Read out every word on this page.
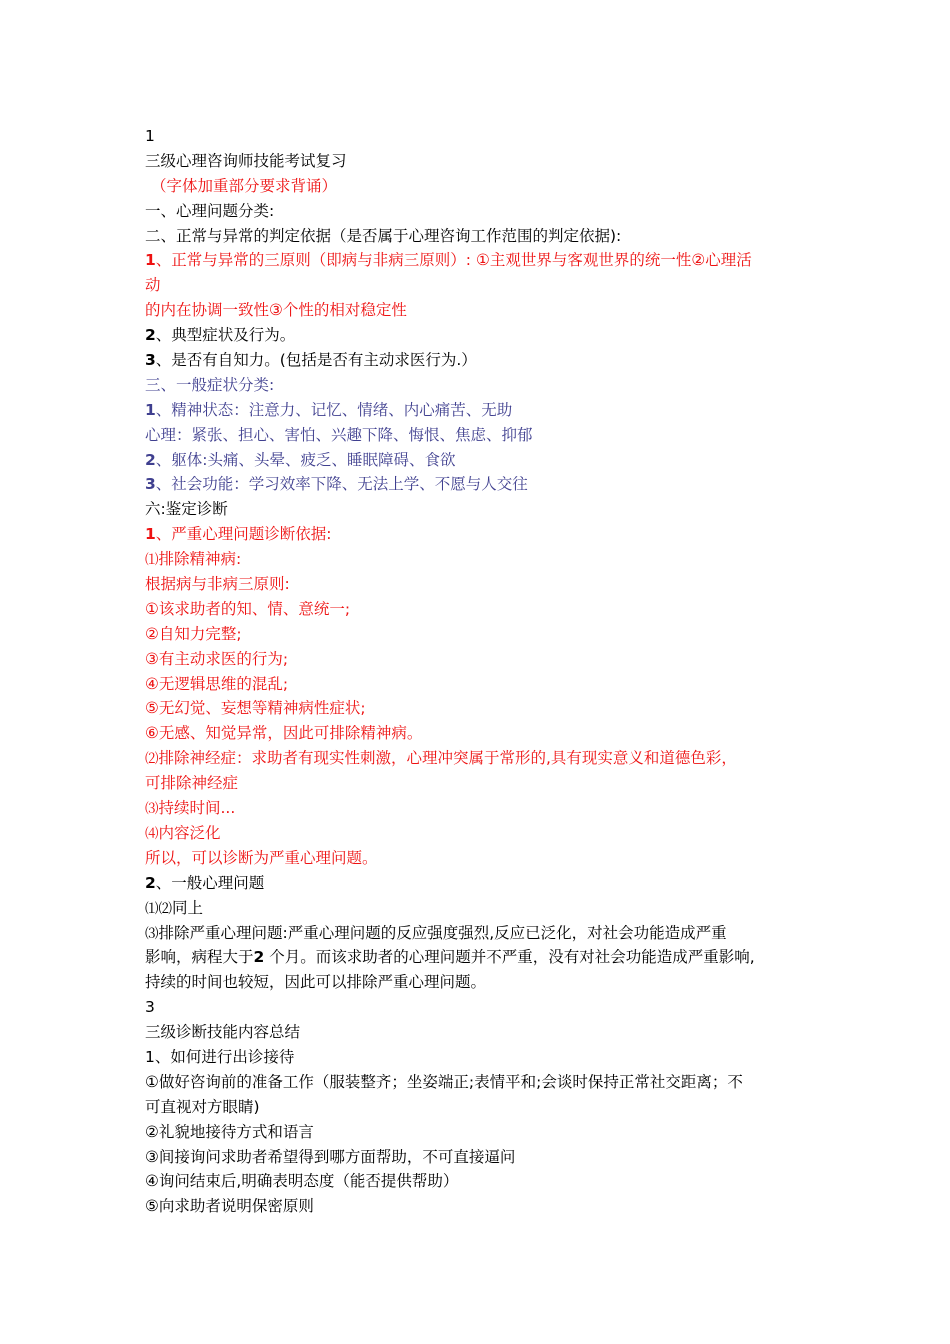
1
三级心理咨询师技能考试复习
（字体加重部分要求背诵）
一、心理问题分类:
二、正常与异常的判定依据（是否属于心理咨询工作范围的判定依据):
1、正常与异常的三原则（即病与非病三原则）: ①主观世界与客观世界的统一性②心理活
动
的内在协调一致性③个性的相对稳定性
2、典型症状及行为。
3、是否有自知力。(包括是否有主动求医行为.）
三、一般症状分类:
1、精神状态：注意力、记忆、情绪、内心痛苦、无助
心理：紧张、担心、害怕、兴趣下降、悔恨、焦虑、抑郁
2、躯体:头痛、头晕、疲乏、睡眠障碍、食欲
3、社会功能：学习效率下降、无法上学、不愿与人交往
六:鉴定诊断
1、严重心理问题诊断依据:
⑴排除精神病:
根据病与非病三原则:
①该求助者的知、情、意统一;
②自知力完整;
③有主动求医的行为;
④无逻辑思维的混乱;
⑤无幻觉、妄想等精神病性症状;
⑥无感、知觉异常，因此可排除精神病。
⑵排除神经症：求助者有现实性刺激，心理冲突属于常形的,具有现实意义和道德色彩，
可排除神经症
⑶持续时间...
⑷内容泛化
所以，可以诊断为严重心理问题。
2、一般心理问题
⑴⑵同上
⑶排除严重心理问题:严重心理问题的反应强度强烈,反应已泛化，对社会功能造成严重
影响，病程大于2 个月。而该求助者的心理问题并不严重，没有对社会功能造成严重影响,
持续的时间也较短，因此可以排除严重心理问题。
3
三级诊断技能内容总结
1、如何进行出诊接待
①做好咨询前的准备工作（服装整齐；坐姿端正;表情平和;会谈时保持正常社交距离；不
可直视对方眼睛)
②礼貌地接待方式和语言
③间接询问求助者希望得到哪方面帮助，不可直接逼问
④询问结束后,明确表明态度（能否提供帮助）
⑤向求助者说明保密原则
